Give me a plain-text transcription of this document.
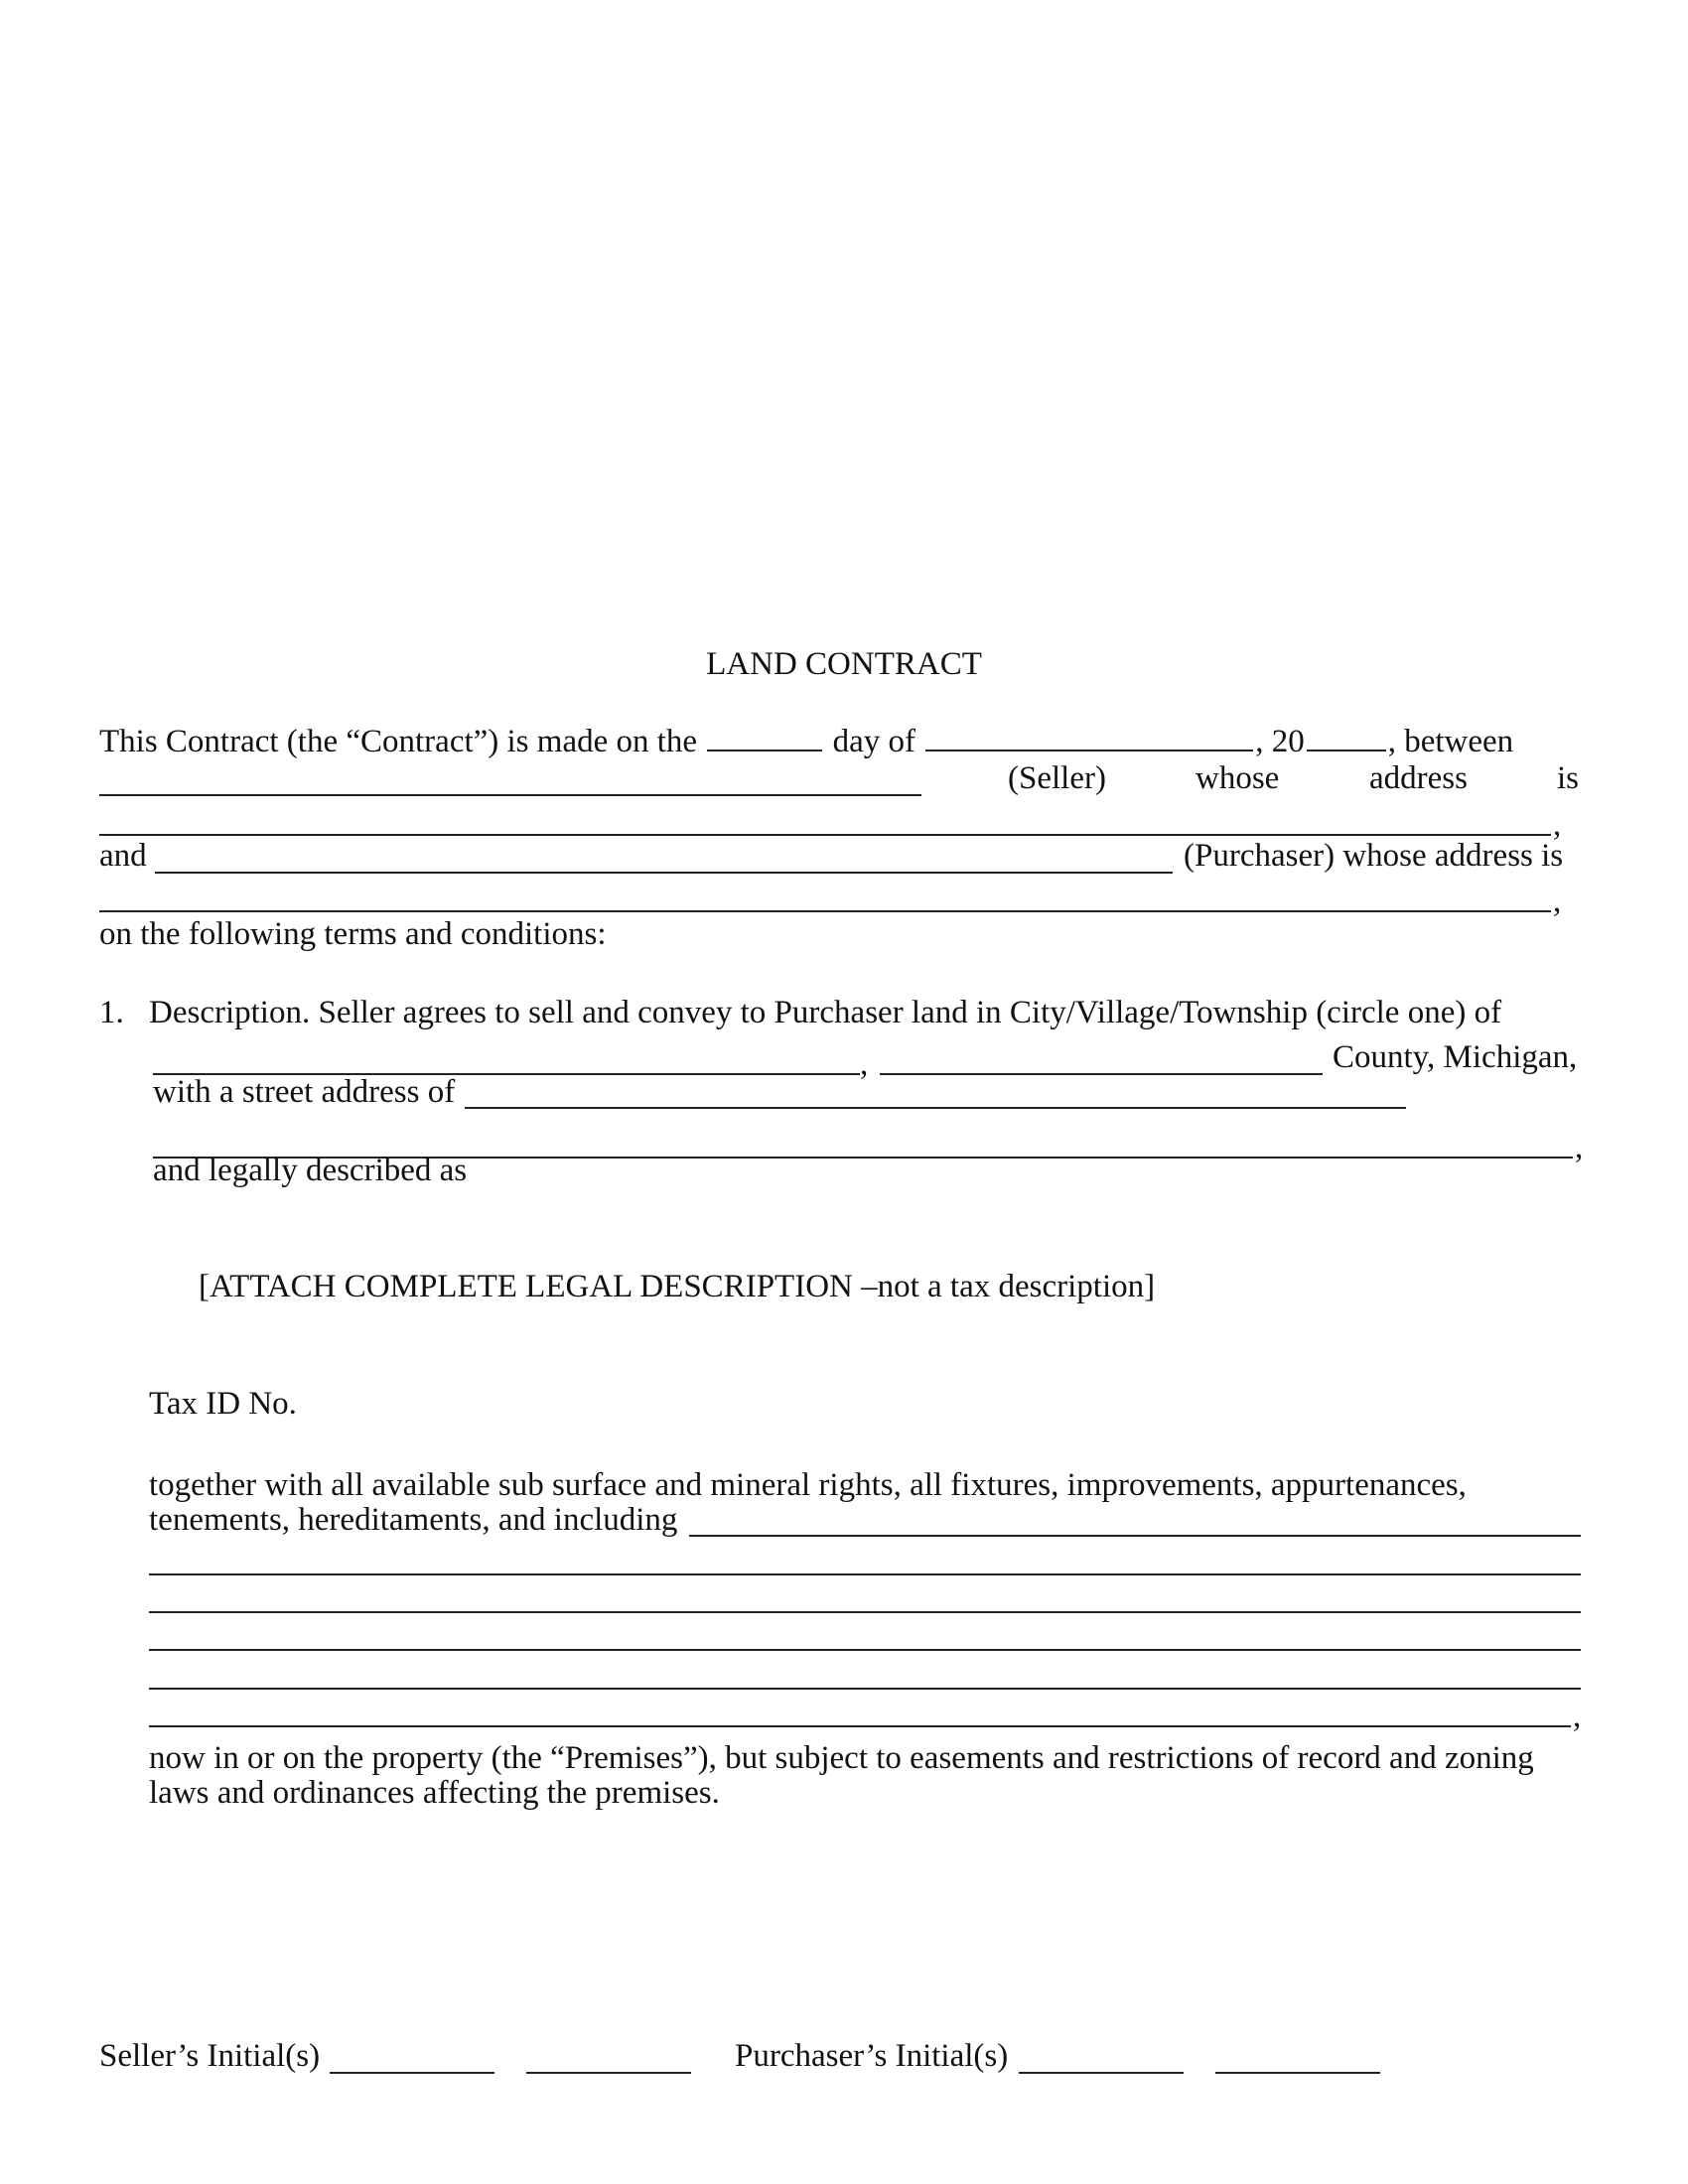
LAND CONTRACT
This Contract (the “Contract”) is made on the	day of	, 20	, between
(Seller)	whose	address	is
,
and	(Purchaser) whose address is
,
on the following terms and conditions:
1. Description. Seller agrees to sell and convey to Purchaser land in City/Village/Township (circle one) of
,	County, Michigan,
with a street address of
,
and legally described as
[ATTACH COMPLETE LEGAL DESCRIPTION –not a tax description]
Tax ID No.
together with all available sub surface and mineral rights, all fixtures, improvements, appurtenances,
tenements, hereditaments, and including
,
now in or on the property (the “Premises”), but subject to easements and restrictions of record and zoning
laws and ordinances affecting the premises.
Seller’s Initial(s)	Purchaser’s Initial(s)
